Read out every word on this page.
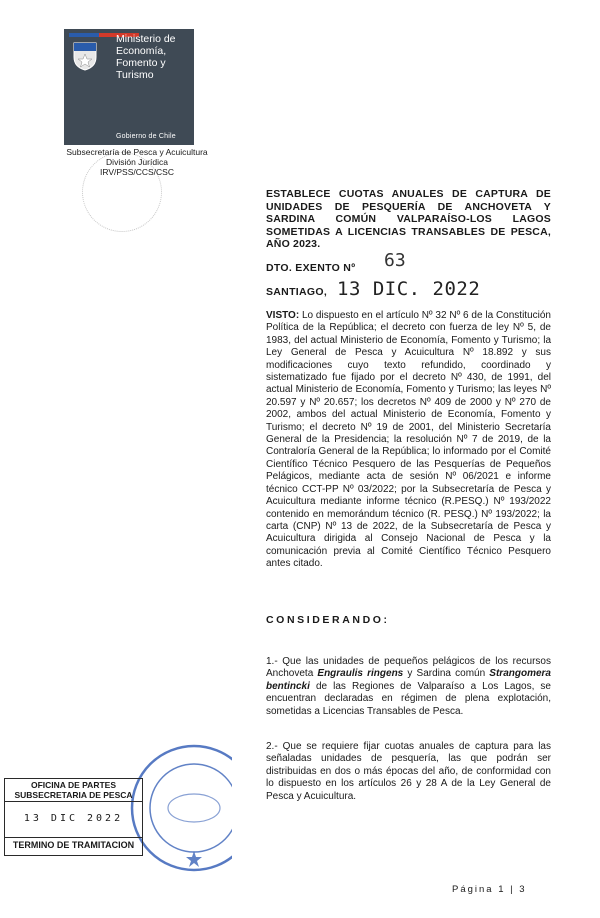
Ministerio de
Economía,
Fomento y
Turismo
Gobierno de Chile
Subsecretaría de Pesca y Acuicultura
División Jurídica
IRV/PSS/CCS/CSC
ESTABLECE CUOTAS ANUALES DE CAPTURA DE UNIDADES DE PESQUERÍA DE ANCHOVETA Y SARDINA COMÚN VALPARAÍSO-LOS LAGOS SOMETIDAS A LICENCIAS TRANSABLES DE PESCA, AÑO 2023.
DTO. EXENTO Nº 63
SANTIAGO, 13 DIC. 2022
VISTO: Lo dispuesto en el artículo Nº 32 Nº 6 de la Constitución Política de la República; el decreto con fuerza de ley Nº 5, de 1983, del actual Ministerio de Economía, Fomento y Turismo; la Ley General de Pesca y Acuicultura Nº 18.892 y sus modificaciones cuyo texto refundido, coordinado y sistematizado fue fijado por el decreto Nº 430, de 1991, del actual Ministerio de Economía, Fomento y Turismo; las leyes Nº 20.597 y Nº 20.657; los decretos Nº 409 de 2000 y Nº 270 de 2002, ambos del actual Ministerio de Economía, Fomento y Turismo; el decreto Nº 19 de 2001, del Ministerio Secretaría General de la Presidencia; la resolución Nº 7 de 2019, de la Contraloría General de la República; lo informado por el Comité Científico Técnico Pesquero de las Pesquerías de Pequeños Pelágicos, mediante acta de sesión Nº 06/2021 e informe técnico CCT-PP Nº 03/2022; por la Subsecretaría de Pesca y Acuicultura mediante informe técnico (R.PESQ.) Nº 193/2022 contenido en memorándum técnico (R. PESQ.) Nº 193/2022; la carta (CNP) Nº 13 de 2022, de la Subsecretaría de Pesca y Acuicultura dirigida al Consejo Nacional de Pesca y la comunicación previa al Comité Científico Técnico Pesquero antes citado.
CONSIDERANDO:
1.- Que las unidades de pequeños pelágicos de los recursos Anchoveta Engraulis ringens y Sardina común Strangomera bentincki de las Regiones de Valparaíso a Los Lagos, se encuentran declaradas en régimen de plena explotación, sometidas a Licencias Transables de Pesca.
2.- Que se requiere fijar cuotas anuales de captura para las señaladas unidades de pesquería, las que podrán ser distribuidas en dos o más épocas del año, de conformidad con lo dispuesto en los artículos 26 y 28 A de la Ley General de Pesca y Acuicultura.
OFICINA DE PARTES
SUBSECRETARIA DE PESCA
13 DIC 2022
TERMINO DE TRAMITACION
Página 1 | 3
